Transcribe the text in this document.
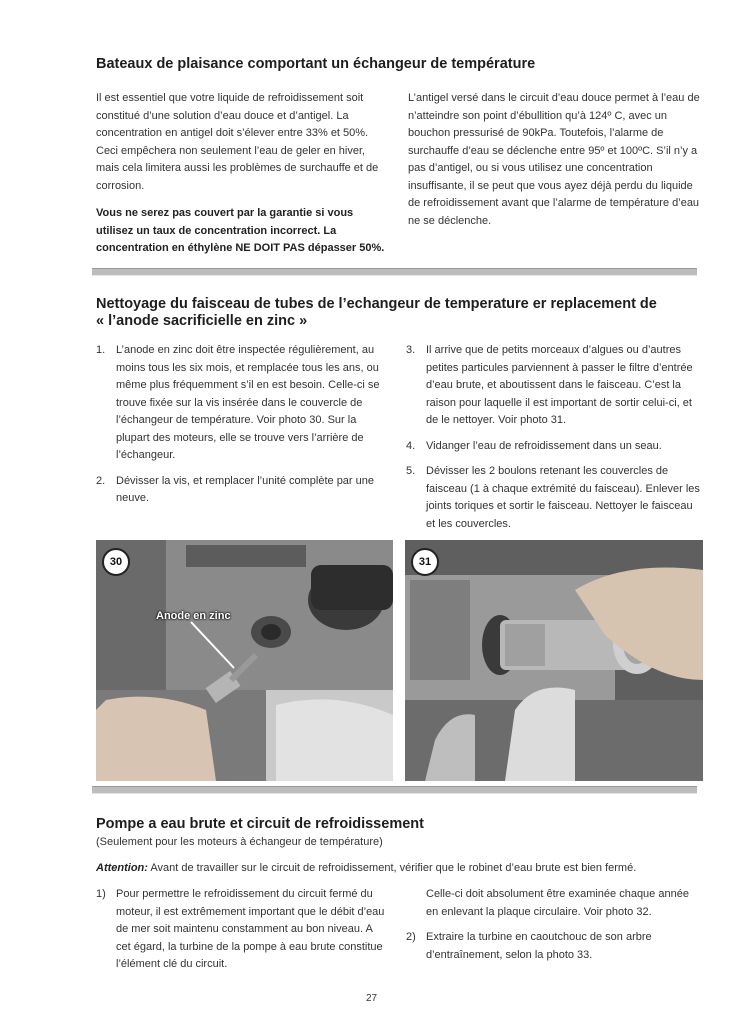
Bateaux de plaisance comportant un échangeur de température

Il est essentiel que votre liquide de refroidissement soit constitué d’une solution d’eau douce et d’antigel. La concentration en antigel doit s’élever entre 33% et 50%. Ceci empêchera non seulement l’eau de geler en hiver, mais cela limitera aussi les problèmes de surchauffe et de corrosion.

Vous ne serez pas couvert par la garantie si vous utilisez un taux de concentration incorrect. La concentration en éthylène NE DOIT PAS dépasser 50%.

L’antigel versé dans le circuit d’eau douce permet à l’eau de n’atteindre son point d’ébullition qu’à 124º C, avec un bouchon pressurisé de 90kPa. Toutefois, l’alarme de surchauffe d’eau se déclenche entre 95º et 100ºC. S’il n’y a pas d’antigel, ou si vous utilisez une concentration insuffisante, il se peut que vous ayez déjà perdu du liquide de refroidissement avant que l’alarme de température d’eau ne se déclenche.

Nettoyage du faisceau de tubes de l’echangeur de temperature er replacement de
« l’anode sacrificielle en zinc »
1. L’anode en zinc doit être inspectée régulièrement, au moins tous les six mois, et remplacée tous les ans, ou même plus fréquemment s’il en est besoin. Celle-ci se trouve fixée sur la vis insérée dans le couvercle de l’échangeur de température. Voir photo 30. Sur la plupart des moteurs, elle se trouve vers l’arrière de l’échangeur.
2. Dévisser la vis, et remplacer l’unité complète par une neuve.
3. Il arrive que de petits morceaux d’algues ou d’autres petites particules parviennent à passer le filtre d’entrée d’eau brute, et aboutissent dans le faisceau. C’est la raison pour laquelle il est important de sortir celui-ci, et de le nettoyer. Voir photo 31.
4. Vidanger l’eau de refroidissement dans un seau.
5. Dévisser les 2 boulons retenant les couvercles de faisceau (1 à chaque extrémité du faisceau). Enlever les joints toriques et sortir le faisceau. Nettoyer le faisceau et les couvercles.
30
Anode en zinc
31
Pompe a eau brute et circuit de refroidissement
(Seulement pour les moteurs à échangeur de température)
Attention: Avant de travailler sur le circuit de refroidissement, vérifier que le robinet d’eau brute est bien fermé.
1) Pour permettre le refroidissement du circuit fermé du moteur, il est extrêmement important que le débit d’eau de mer soit maintenu constamment au bon niveau. A cet égard, la turbine de la pompe à eau brute constitue l’élément clé du circuit.

Celle-ci doit absolument être examinée chaque année en enlevant la plaque circulaire. Voir photo 32.

2) Extraire la turbine en caoutchouc de son arbre d’entraînement, selon la photo 33.
27
